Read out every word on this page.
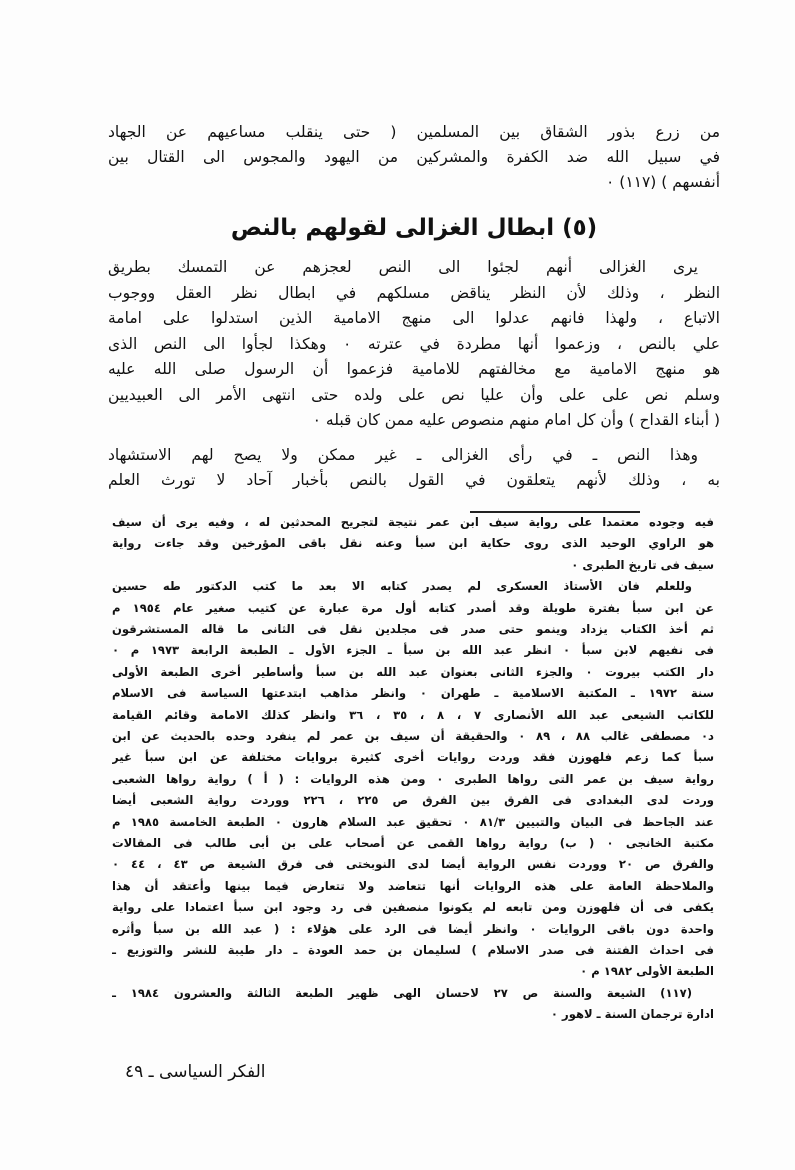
من زرع بذور الشقاق بين المسلمين ( حتى ينقلب مساعيهم عن الجهاد
في سبيل الله ضد الكفرة والمشركين من اليهود والمجوس الى القتال بين
أنفسهم ) (١١٧) ٠
(٥) ابطال الغزالى لقولهم بالنص
يرى الغزالى أنهم لجئوا الى النص لعجزهم عن التمسك بطريق
النظر ، وذلك لأن النظر يناقض مسلكهم في ابطال نظر العقل ووجوب
الاتباع ، ولهذا فانهم عدلوا الى منهج الامامية الذين استدلوا على امامة
علي بالنص ، وزعموا أنها مطردة في عترته ٠ وهكذا لجأوا الى النص الذى
هو منهج الامامية مع مخالفتهم للامامية فزعموا أن الرسول صلى الله عليه
وسلم نص على على وأن عليا نص على ولده حتى انتهى الأمر الى العبيديين
( أبناء القداح ) وأن كل امام منهم منصوص عليه ممن كان قبله ٠
وهذا النص ـ في رأى الغزالى ـ غير ممكن ولا يصح لهم الاستشهاد
به ، وذلك لأنهم يتعلقون في القول بالنص بأخبار آحاد لا تورث العلم
فيه وجوده معتمدا على رواية سيف ابن عمر نتيجة لتجريح المحدثين له ، وفيه يرى أن سيف
هو الراوي الوحيد الذى روى حكاية ابن سبأ وعنه نقل باقى المؤرخين وقد جاءت رواية
سيف فى تاريخ الطبرى ٠
وللعلم فان الأستاذ العسكرى لم يصدر كتابه الا بعد ما كتب الدكتور طه حسين
عن ابن سبأ بفترة طويلة وقد أصدر كتابه أول مرة عبارة عن كتيب صغير عام ١٩٥٤ م
ثم أخذ الكتاب يزداد وينمو حتى صدر فى مجلدين نقل فى الثانى ما قاله المستشرقون
فى نفيهم لابن سبأ ٠ انظر عبد الله بن سبأ ـ الجزء الأول ـ الطبعة الرابعة ١٩٧٣ م ٠
دار الكتب بيروت ٠ والجزء الثانى بعنوان عبد الله بن سبأ وأساطير أخرى الطبعة الأولى
سنة ١٩٧٢ ـ المكتبة الاسلامية ـ طهران ٠ وانظر مذاهب ابتدعتها السياسة فى الاسلام
للكاتب الشيعى عبد الله الأنصارى ٧ ، ٨ ، ٣٥ ، ٣٦ وانظر كذلك الامامة وقائم القيامة
د٠ مصطفى غالب ٨٨ ، ٨٩ ٠ والحقيقة أن سيف بن عمر لم ينفرد وحده بالحديث عن ابن
سبأ كما زعم فلهوزن فقد وردت روايات أخرى كثيرة بروايات مختلفة عن ابن سبأ غير
رواية سيف بن عمر التى رواها الطبرى ٠ ومن هذه الروايات : ( أ ) رواية رواها الشعبى
وردت لدى البغدادى فى الفرق بين الفرق ص ٢٢٥ ، ٢٢٦ ووردت رواية الشعبى أيضا
عند الجاحظ فى البيان والتبيين ٨١/٣ ٠ تحقيق عبد السلام هارون ٠ الطبعة الخامسة ١٩٨٥ م
مكتبة الخانجى ٠ ( ب) رواية رواها القمى عن أصحاب على بن أبى طالب فى المقالات
والفرق ص ٢٠ ووردت نفس الرواية أيضا لدى النوبختى فى فرق الشيعة ص ٤٣ ، ٤٤ ٠
والملاحظة العامة على هذه الروايات أنها تتعاضد ولا تتعارض فيما بينها وأعتقد أن هذا
يكفى فى أن فلهوزن ومن تابعه لم يكونوا منصفين فى رد وجود ابن سبأ اعتمادا على رواية
واحدة دون باقى الروايات ٠ وانظر أيضا فى الرد على هؤلاء : ( عبد الله بن سبأ وأثره
فى احداث الفتنة فى صدر الاسلام ) لسليمان بن حمد العودة ـ دار طيبة للنشر والتوزيع ـ
الطبعة الأولى ١٩٨٢ م ٠
(١١٧) الشيعة والسنة ص ٢٧ لاحسان الهى ظهير الطبعة الثالثة والعشرون ١٩٨٤ ـ
ادارة ترجمان السنة ـ لاهور ٠
الفكر السياسى ـ ٤٩
